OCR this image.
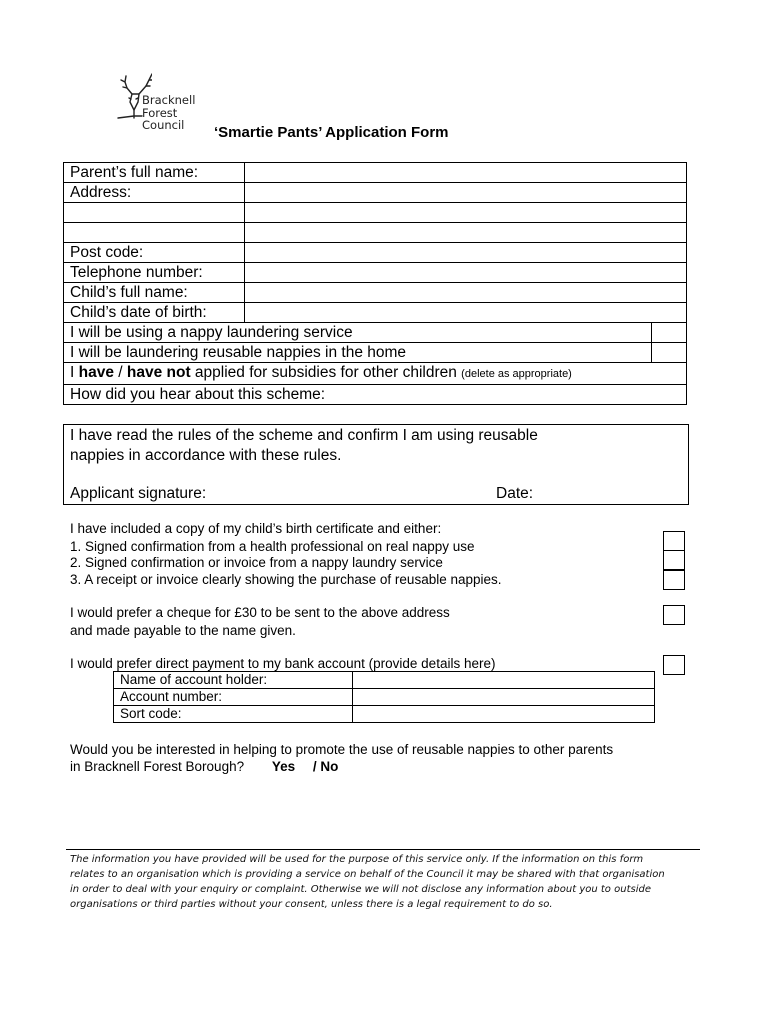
Bracknell
Forest
Council	‘Smartie Pants’ Application Form
Parent’s full name:		
Address:		

Post code:		
Telephone number:		
Child’s full name:		
Child’s date of birth:		
I will be using a nappy laundering service		
I will be laundering reusable nappies in the home		
I have / have not applied for subsidies for other children (delete as appropriate)		
How did you hear about this scheme:		
I have read the rules of the scheme and confirm I am using reusable
nappies in accordance with these rules.
Applicant signature:	Date:
I have included a copy of my child’s birth certificate and either:
1. Signed confirmation from a health professional on real nappy use
2. Signed confirmation or invoice from a nappy laundry service
3. A receipt or invoice clearly showing the purchase of reusable nappies.
I would prefer a cheque for £30 to be sent to the above address
and made payable to the name given.
I would prefer direct payment to my bank account (provide details here)
Name of account holder:	
Account number:	
Sort code:	
Would you be interested in helping to promote the use of reusable nappies to other parents
in Bracknell Forest Borough? Yes / No
The information you have provided will be used for the purpose of this service only. If the information on this form
relates to an organisation which is providing a service on behalf of the Council it may be shared with that organisation
in order to deal with your enquiry or complaint. Otherwise we will not disclose any information about you to outside
organisations or third parties without your consent, unless there is a legal requirement to do so.
